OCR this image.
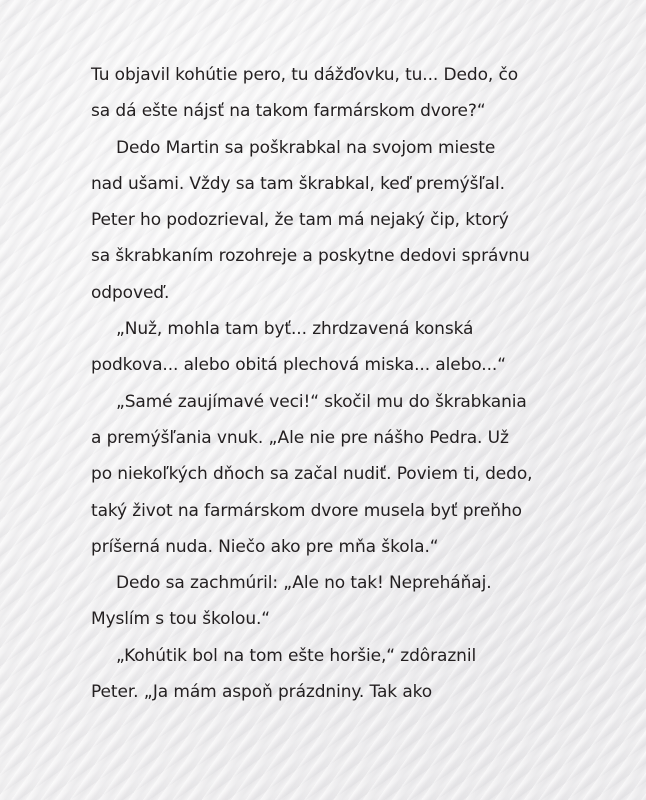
Tu objavil kohútie pero, tu dážďovku, tu... Dedo, čo
sa dá ešte nájsť na takom farmárskom dvore?“
Dedo Martin sa poškrabkal na svojom mieste
nad ušami. Vždy sa tam škrabkal, keď premýšľal.
Peter ho podozrieval, že tam má nejaký čip, ktorý
sa škrabkaním rozohreje a poskytne dedovi správnu
odpoveď.
„Nuž, mohla tam byť... zhrdzavená konská
podkova... alebo obitá plechová miska... alebo...“
„Samé zaujímavé veci!“ skočil mu do škrabkania
a premýšľania vnuk. „Ale nie pre nášho Pedra. Už
po niekoľkých dňoch sa začal nudiť. Poviem ti, dedo,
taký život na farmárskom dvore musela byť preňho
príšerná nuda. Niečo ako pre mňa škola.“
Dedo sa zachmúril: „Ale no tak! Nepreháňaj.
Myslím s tou školou.“
„Kohútik bol na tom ešte horšie,“ zdôraznil
Peter. „Ja mám aspoň prázdniny. Tak ako
